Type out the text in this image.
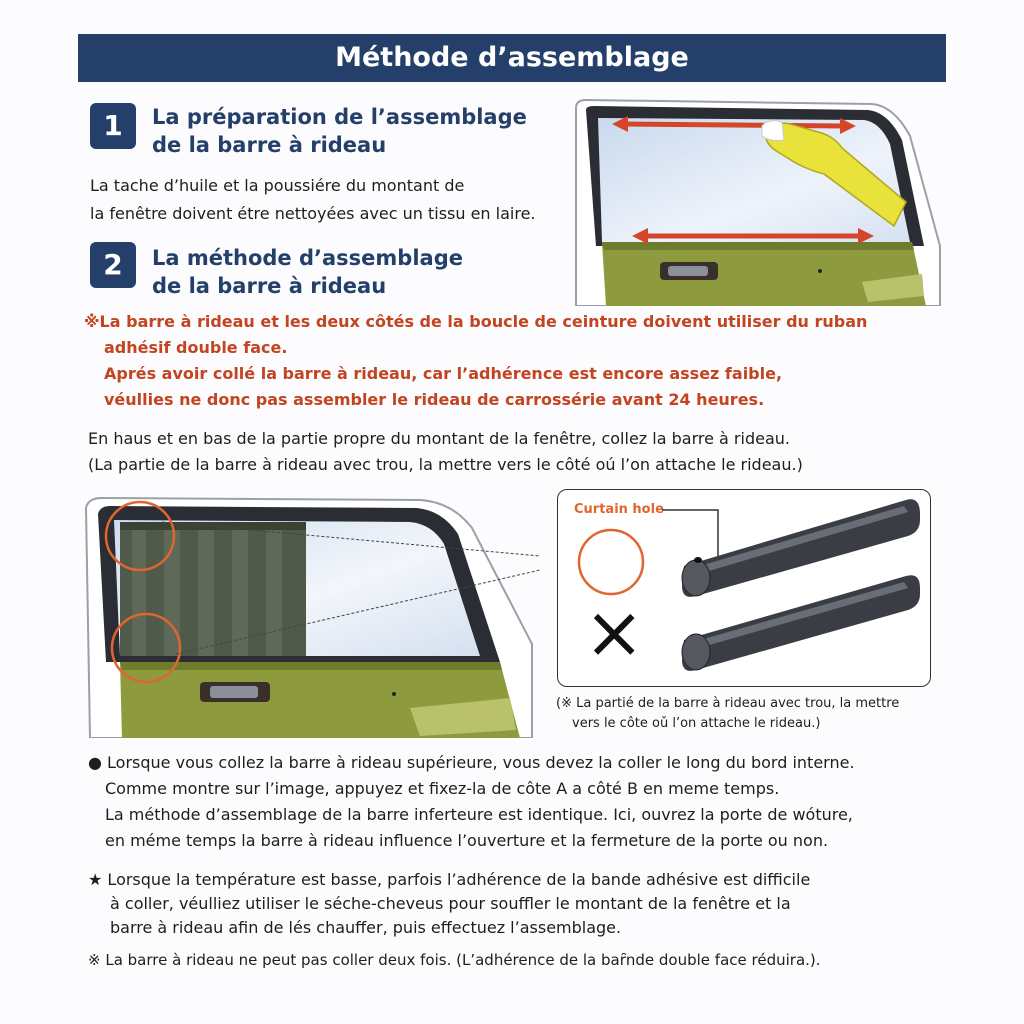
Méthode d’assemblage
1	La préparation de l’assemblage
de la barre à rideau
La tache d’huile et la poussiére du montant de
la fenêtre doivent étre nettoyées avec un tissu en laire.
2	La méthode d’assemblage
de la barre à rideau
※La barre à rideau et les deux côtés de la boucle de ceinture doivent utiliser du ruban
adhésif double face.
Aprés avoir collé la barre à rideau, car l’adhérence est encore assez faible,
véullies ne donc pas assembler le rideau de carrossérie avant 24 heures.
En haus et en bas de la partie propre du montant de la fenêtre, collez la barre à rideau.
(La partie de la barre à rideau avec trou, la mettre vers le côté oú l’on attache le rideau.)
Curtain hole
×
(※ La partié de la barre à rideau avec trou, la mettre
vers le côte oǔ l’on attache le rideau.)
● Lorsque vous collez la barre à rideau supérieure, vous devez la coller le long du bord interne.
Comme montre sur l’image, appuyez et fixez-la de côte A a côté B en meme temps.
La méthode d’assemblage de la barre inferteure est identique. Ici, ouvrez la porte de wóture,
en méme temps la barre à rideau influence l’ouverture et la fermeture de la porte ou non.
★ Lorsque la température est basse, parfois l’adhérence de la bande adhésive est difficile
à coller, véulliez utiliser le séche-cheveus pour souffler le montant de la fenêtre et la
barre à rideau afin de lés chauffer, puis effectuez l’assemblage.
※ La barre à rideau ne peut pas coller deux fois. (L’adhérence de la baȓnde double face réduira.).
